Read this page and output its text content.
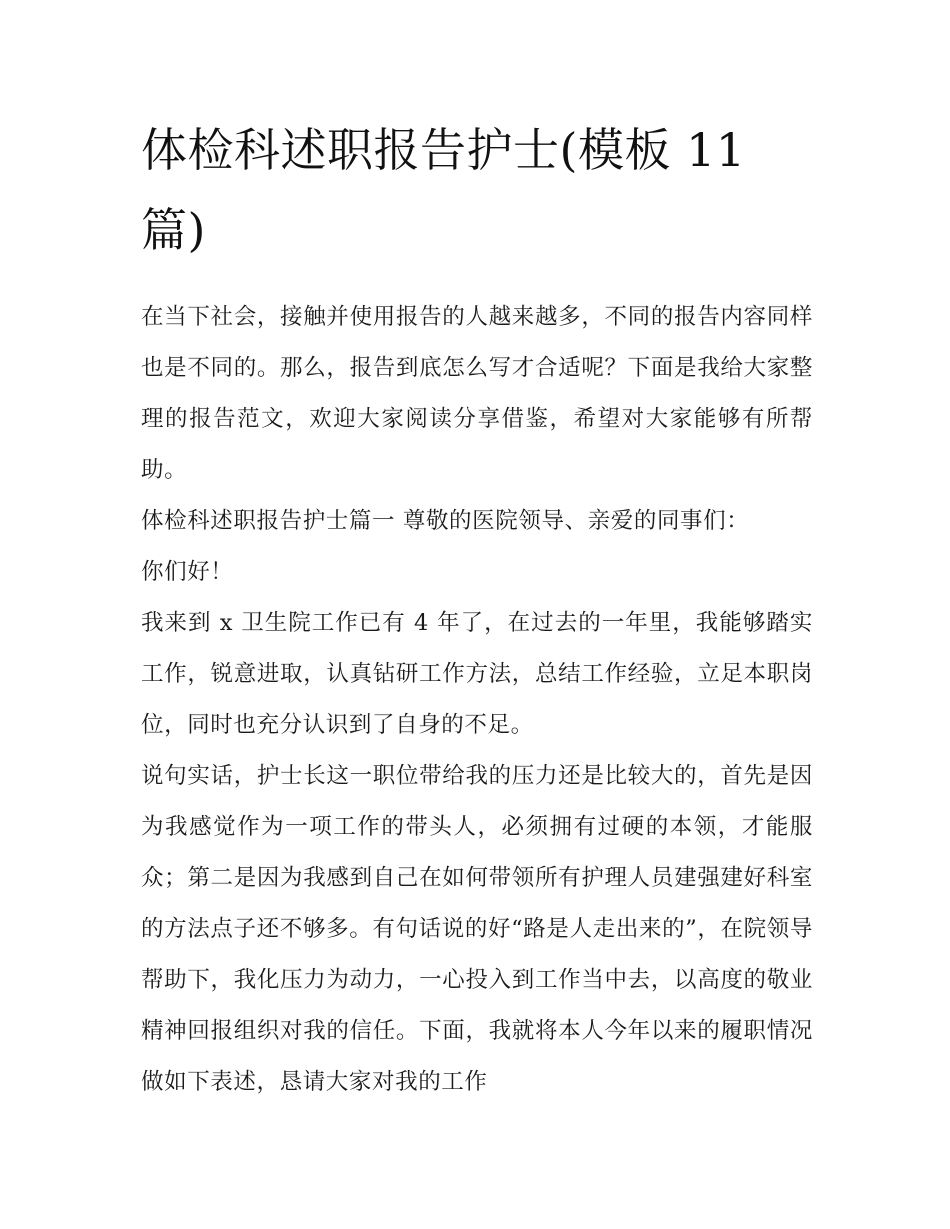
体检科述职报告护士(模板 11 篇)

在当下社会，接触并使用报告的人越来越多，不同的报告内容同样也是不同的。那么，报告到底怎么写才合适呢？下面是我给大家整理的报告范文，欢迎大家阅读分享借鉴，希望对大家能够有所帮助。

体检科述职报告护士篇一 尊敬的医院领导、亲爱的同事们：

你们好！

我来到 x 卫生院工作已有 4 年了，在过去的一年里，我能够踏实工作，锐意进取，认真钻研工作方法，总结工作经验，立足本职岗位，同时也充分认识到了自身的不足。

说句实话，护士长这一职位带给我的压力还是比较大的，首先是因为我感觉作为一项工作的带头人，必须拥有过硬的本领，才能服众；第二是因为我感到自己在如何带领所有护理人员建强建好科室的方法点子还不够多。有句话说的好“路是人走出来的”，在院领导帮助下，我化压力为动力，一心投入到工作当中去，以高度的敬业精神回报组织对我的信任。下面，我就将本人今年以来的履职情况做如下表述，恳请大家对我的工作
